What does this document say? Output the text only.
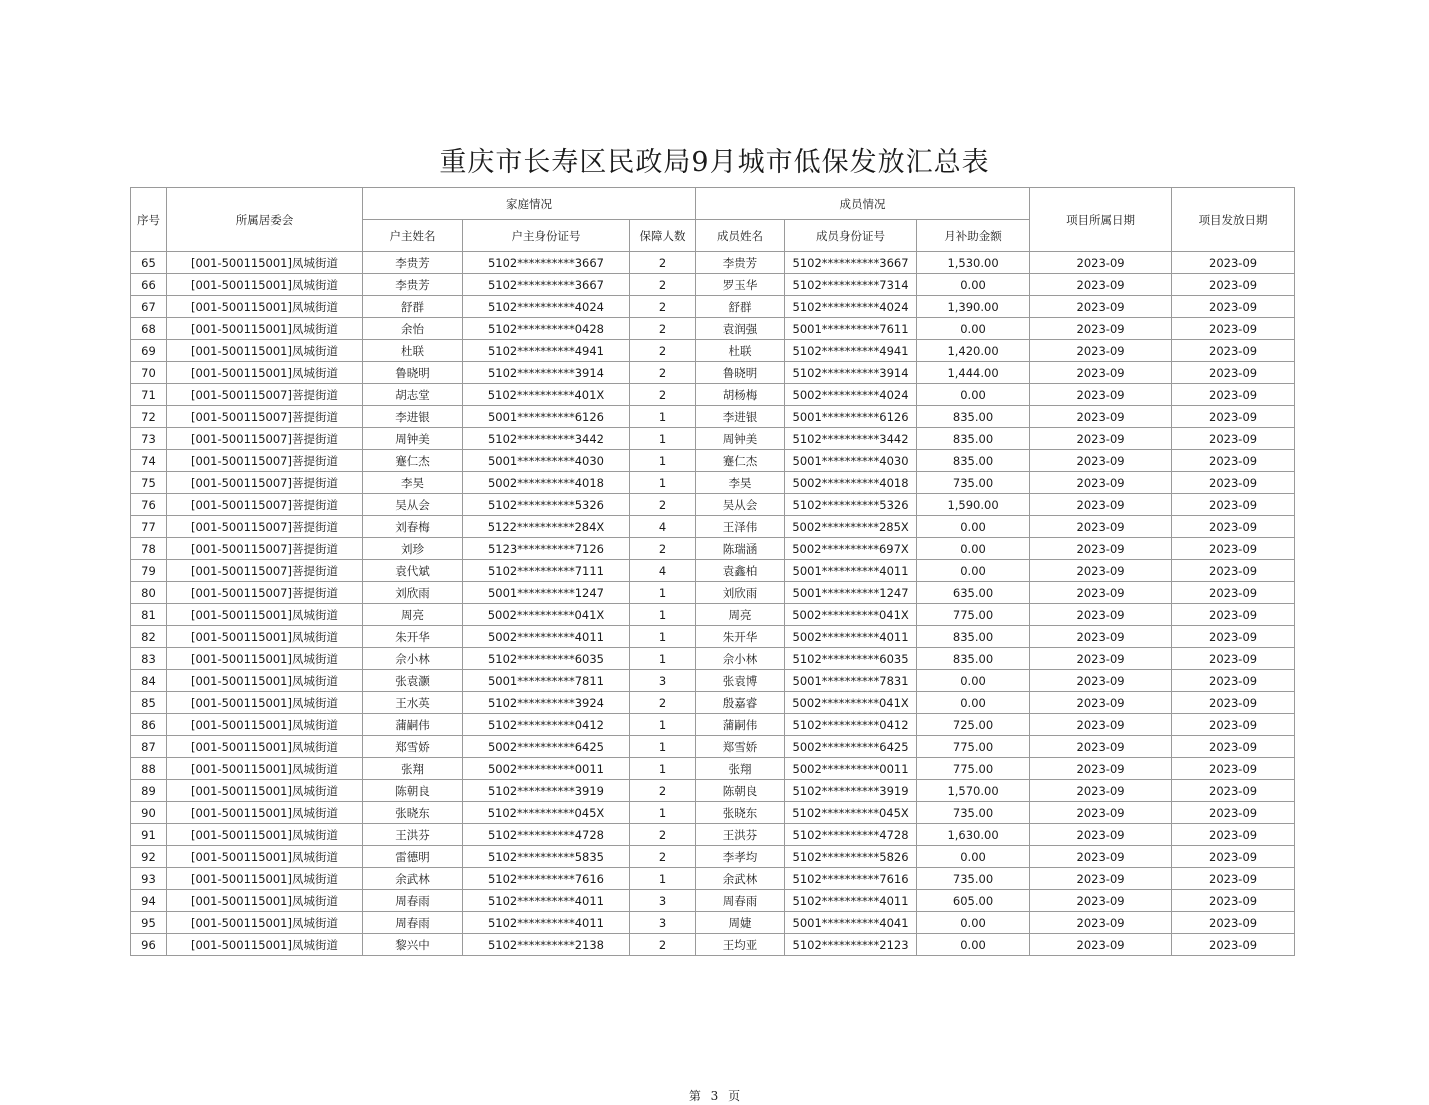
重庆市长寿区民政局9月城市低保发放汇总表
序号	所属居委会	家庭情况			成员情况			项目所属日期	项目发放日期
		户主姓名	户主身份证号	保障人数	成员姓名	成员身份证号	月补助金额		
65	[001-500115001]凤城街道	李贵芳	5102**********3667	2	李贵芳	5102**********3667	1,530.00	2023-09	2023-09
66	[001-500115001]凤城街道	李贵芳	5102**********3667	2	罗玉华	5102**********7314	0.00	2023-09	2023-09
67	[001-500115001]凤城街道	舒群	5102**********4024	2	舒群	5102**********4024	1,390.00	2023-09	2023-09
68	[001-500115001]凤城街道	余怡	5102**********0428	2	袁润强	5001**********7611	0.00	2023-09	2023-09
69	[001-500115001]凤城街道	杜联	5102**********4941	2	杜联	5102**********4941	1,420.00	2023-09	2023-09
70	[001-500115001]凤城街道	鲁晓明	5102**********3914	2	鲁晓明	5102**********3914	1,444.00	2023-09	2023-09
71	[001-500115007]菩提街道	胡志堂	5102**********401X	2	胡杨梅	5002**********4024	0.00	2023-09	2023-09
72	[001-500115007]菩提街道	李进银	5001**********6126	1	李进银	5001**********6126	835.00	2023-09	2023-09
73	[001-500115007]菩提街道	周钟美	5102**********3442	1	周钟美	5102**********3442	835.00	2023-09	2023-09
74	[001-500115007]菩提街道	蹇仁杰	5001**********4030	1	蹇仁杰	5001**********4030	835.00	2023-09	2023-09
75	[001-500115007]菩提街道	李昊	5002**********4018	1	李昊	5002**********4018	735.00	2023-09	2023-09
76	[001-500115007]菩提街道	吴从会	5102**********5326	2	吴从会	5102**********5326	1,590.00	2023-09	2023-09
77	[001-500115007]菩提街道	刘春梅	5122**********284X	4	王泽伟	5002**********285X	0.00	2023-09	2023-09
78	[001-500115007]菩提街道	刘珍	5123**********7126	2	陈瑞涵	5002**********697X	0.00	2023-09	2023-09
79	[001-500115007]菩提街道	袁代斌	5102**********7111	4	袁鑫柏	5001**********4011	0.00	2023-09	2023-09
80	[001-500115007]菩提街道	刘欣雨	5001**********1247	1	刘欣雨	5001**********1247	635.00	2023-09	2023-09
81	[001-500115001]凤城街道	周亮	5002**********041X	1	周亮	5002**********041X	775.00	2023-09	2023-09
82	[001-500115001]凤城街道	朱开华	5002**********4011	1	朱开华	5002**********4011	835.00	2023-09	2023-09
83	[001-500115001]凤城街道	佘小林	5102**********6035	1	佘小林	5102**********6035	835.00	2023-09	2023-09
84	[001-500115001]凤城街道	张袁灏	5001**********7811	3	张袁博	5001**********7831	0.00	2023-09	2023-09
85	[001-500115001]凤城街道	王水英	5102**********3924	2	殷嘉睿	5002**********041X	0.00	2023-09	2023-09
86	[001-500115001]凤城街道	蒲嗣伟	5102**********0412	1	蒲嗣伟	5102**********0412	725.00	2023-09	2023-09
87	[001-500115001]凤城街道	郑雪娇	5002**********6425	1	郑雪娇	5002**********6425	775.00	2023-09	2023-09
88	[001-500115001]凤城街道	张翔	5002**********0011	1	张翔	5002**********0011	775.00	2023-09	2023-09
89	[001-500115001]凤城街道	陈朝良	5102**********3919	2	陈朝良	5102**********3919	1,570.00	2023-09	2023-09
90	[001-500115001]凤城街道	张晓东	5102**********045X	1	张晓东	5102**********045X	735.00	2023-09	2023-09
91	[001-500115001]凤城街道	王洪芬	5102**********4728	2	王洪芬	5102**********4728	1,630.00	2023-09	2023-09
92	[001-500115001]凤城街道	雷德明	5102**********5835	2	李孝均	5102**********5826	0.00	2023-09	2023-09
93	[001-500115001]凤城街道	余武林	5102**********7616	1	余武林	5102**********7616	735.00	2023-09	2023-09
94	[001-500115001]凤城街道	周春雨	5102**********4011	3	周春雨	5102**********4011	605.00	2023-09	2023-09
95	[001-500115001]凤城街道	周春雨	5102**********4011	3	周婕	5001**********4041	0.00	2023-09	2023-09
96	[001-500115001]凤城街道	黎兴中	5102**********2138	2	王均亚	5102**********2123	0.00	2023-09	2023-09
第 3 页
